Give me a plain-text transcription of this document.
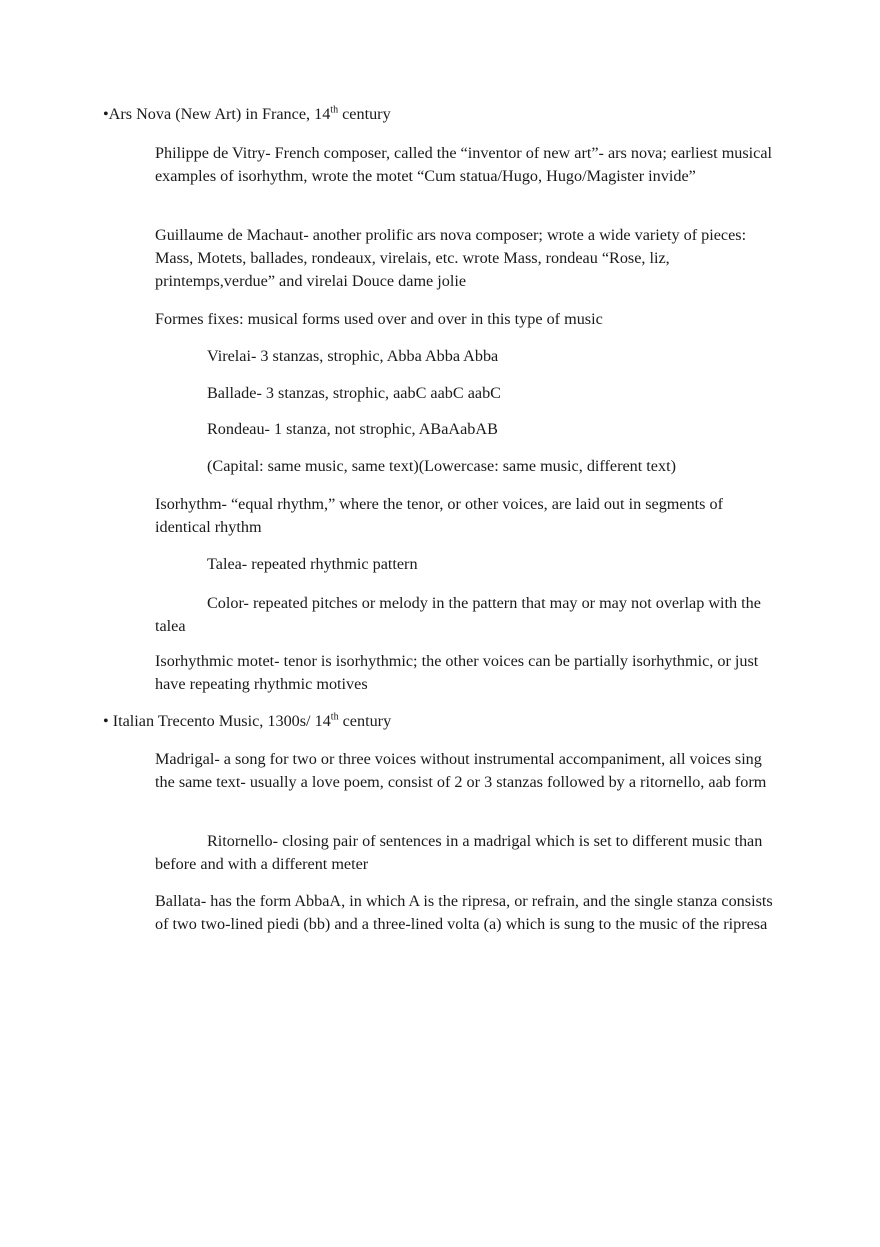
•Ars Nova (New Art) in France, 14th century

Philippe de Vitry- French composer, called the “inventor of new art”- ars nova; earliest musical examples of isorhythm, wrote the motet “Cum statua/Hugo, Hugo/Magister invide”

Guillaume de Machaut- another prolific ars nova composer; wrote a wide variety of pieces: Mass, Motets, ballades, rondeaux, virelais, etc. wrote Mass, rondeau “Rose, liz, printemps,verdue” and virelai Douce dame jolie

Formes fixes: musical forms used over and over in this type of music

Virelai- 3 stanzas, strophic, Abba Abba Abba

Ballade- 3 stanzas, strophic, aabC aabC aabC

Rondeau- 1 stanza, not strophic, ABaAabAB

(Capital: same music, same text)(Lowercase: same music, different text)

Isorhythm- “equal rhythm,” where the tenor, or other voices, are laid out in segments of identical rhythm

Talea- repeated rhythmic pattern

Color- repeated pitches or melody in the pattern that may or may not overlap with the talea

Isorhythmic motet- tenor is isorhythmic; the other voices can be partially isorhythmic, or just have repeating rhythmic motives

• Italian Trecento Music, 1300s/ 14th century

Madrigal- a song for two or three voices without instrumental accompaniment, all voices sing the same text- usually a love poem, consist of 2 or 3 stanzas followed by a ritornello, aab form

Ritornello- closing pair of sentences in a madrigal which is set to different music than before and with a different meter

Ballata- has the form AbbaA, in which A is the ripresa, or refrain, and the single stanza consists of two two-lined piedi (bb) and a three-lined volta (a) which is sung to the music of the ripresa
